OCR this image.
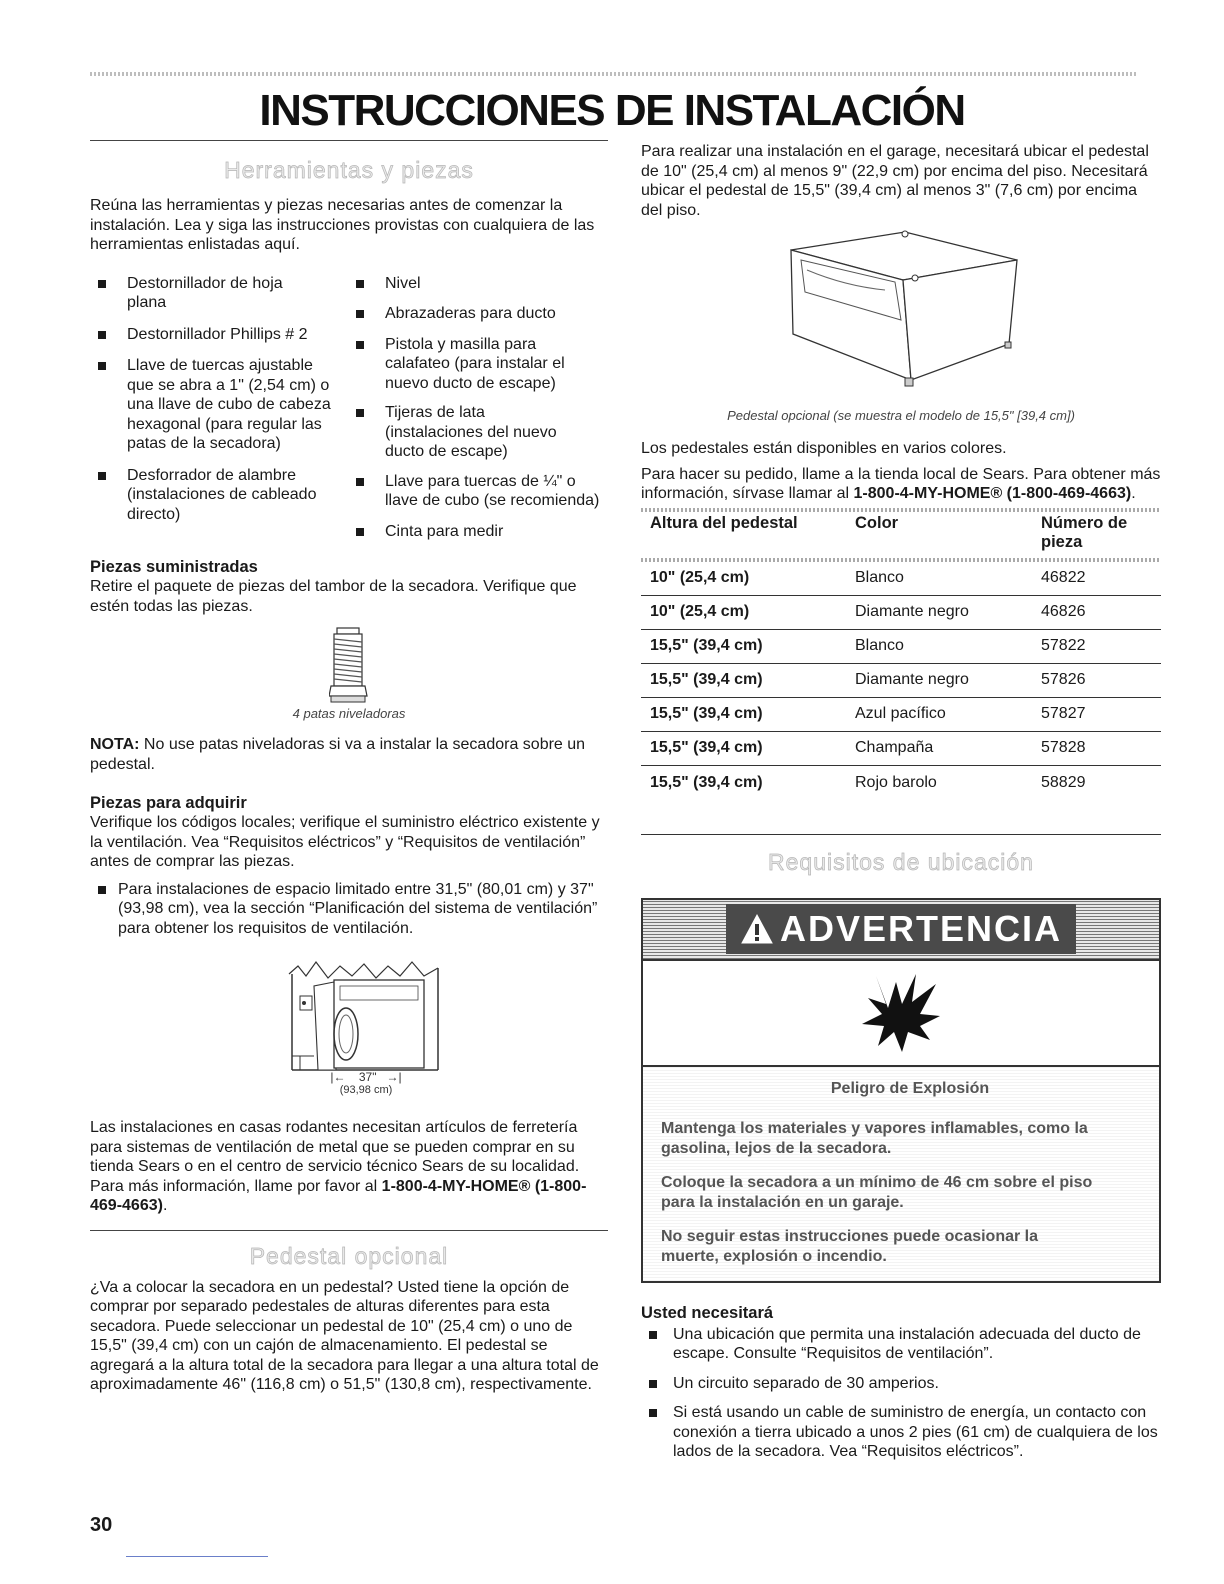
INSTRUCCIONES DE INSTALACIÓN
Herramientas y piezas

Reúna las herramientas y piezas necesarias antes de comenzar la instalación. Lea y siga las instrucciones provistas con cualquiera de las herramientas enlistadas aquí.

Destornillador de hoja plana
Destornillador Phillips # 2
Llave de tuercas ajustable que se abra a 1" (2,54 cm) o una llave de cubo de cabeza hexagonal (para regular las patas de la secadora)
Desforrador de alambre (instalaciones de cableado directo)
Nivel
Abrazaderas para ducto
Pistola y masilla para calafateo (para instalar el nuevo ducto de escape)
Tijeras de lata (instalaciones del nuevo ducto de escape)
Llave para tuercas de ¼" o llave de cubo (se recomienda)
Cinta para medir
Piezas suministradas

Retire el paquete de piezas del tambor de la secadora. Verifique que estén todas las piezas.

4 patas niveladoras

NOTA: No use patas niveladoras si va a instalar la secadora sobre un pedestal.

Piezas para adquirir

Verifique los códigos locales; verifique el suministro eléctrico existente y la ventilación. Vea “Requisitos eléctricos” y “Requisitos de ventilación” antes de comprar las piezas.

Para instalaciones de espacio limitado entre 31,5" (80,01 cm) y 37" (93,98 cm), vea la sección “Planificación del sistema de ventilación” para obtener los requisitos de ventilación.
|←    37"   →|
(93,98 cm)

Las instalaciones en casas rodantes necesitan artículos de ferretería para sistemas de ventilación de metal que se pueden comprar en su tienda Sears o en el centro de servicio técnico Sears de su localidad. Para más información, llame por favor al 1-800-4-MY-HOME® (1-800-469-4663).

Pedestal opcional

¿Va a colocar la secadora en un pedestal? Usted tiene la opción de comprar por separado pedestales de alturas diferentes para esta secadora. Puede seleccionar un pedestal de 10" (25,4 cm) o uno de 15,5" (39,4 cm) con un cajón de almacenamiento. El pedestal se agregará a la altura total de la secadora para llegar a una altura total de aproximadamente 46" (116,8 cm) o 51,5" (130,8 cm), respectivamente.

Para realizar una instalación en el garage, necesitará ubicar el pedestal de 10" (25,4 cm) al menos 9" (22,9 cm) por encima del piso. Necesitará ubicar el pedestal de 15,5" (39,4 cm) al menos 3" (7,6 cm) por encima del piso.

Pedestal opcional (se muestra el modelo de 15,5" [39,4 cm])

Los pedestales están disponibles en varios colores.

Para hacer su pedido, llame a la tienda local de Sears. Para obtener más información, sírvase llamar al 1-800-4-MY-HOME® (1-800-469-4663).

Altura del pedestal	Color	Número de pieza

10" (25,4 cm)	Blanco	46822
10" (25,4 cm)	Diamante negro	46826
15,5" (39,4 cm)	Blanco	57822
15,5" (39,4 cm)	Diamante negro	57826
15,5" (39,4 cm)	Azul pacífico	57827
15,5" (39,4 cm)	Champaña	57828
15,5" (39,4 cm)	Rojo barolo	58829
Requisitos de ubicación
ADVERTENCIA

Peligro de Explosión

Mantenga los materiales y vapores inflamables, como la gasolina, lejos de la secadora.

Coloque la secadora a un mínimo de 46 cm sobre el piso para la instalación en un garaje.

No seguir estas instrucciones puede ocasionar la muerte, explosión o incendio.

Usted necesitará
Una ubicación que permita una instalación adecuada del ducto de escape. Consulte “Requisitos de ventilación”.
Un circuito separado de 30 amperios.
Si está usando un cable de suministro de energía, un contacto con conexión a tierra ubicado a unos 2 pies (61 cm) de cualquiera de los lados de la secadora. Vea “Requisitos eléctricos”.
30
